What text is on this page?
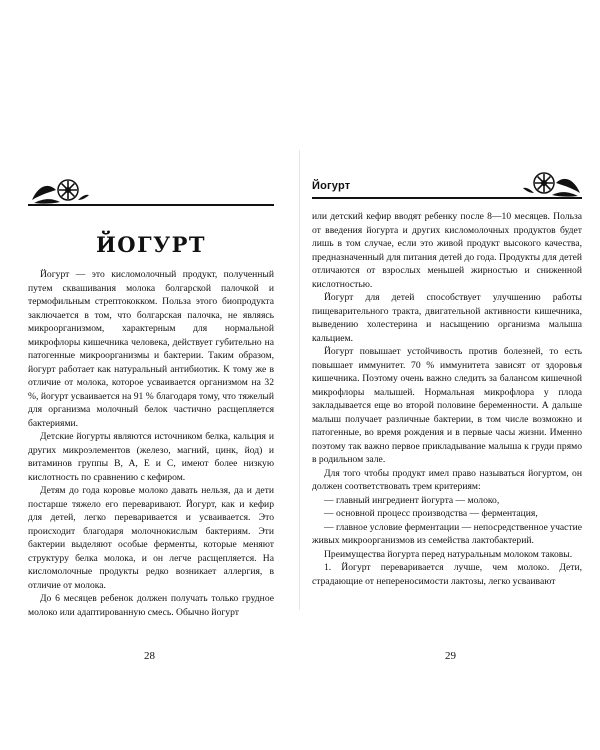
ЙОГУРТ

Йогурт — это кисломолочный продукт, полученный путем сквашивания молока болгарской палочкой и термофильным стрептококком. Пользa этого биопродукта заключается в том, что болгарская палочка, не являясь микроорганизмом, характерным для нормальной микрофлоры кишечника человека, действует губительно на патогенные микроорганизмы и бактерии. Таким образом, йогурт работает как натуральный антибиотик. К тому же в отличие от молока, которое усваивается организмом на 32 %, йогурт усваивается на 91 % благодаря тому, что тяжелый для организма молочный белок частично расщепляется бактериями.

Детские йогурты являются источником белка, кальция и других микроэлементов (железо, магний, цинк, йод) и витаминов группы B, A, E и C, имеют более низкую кислотность по сравнению с кефиром.

Детям до года коровье молоко давать нельзя, да и дети постарше тяжело его переваривают. Йогурт, как и кефир для детей, легко переваривается и усваивается. Это происходит благодаря молочнокислым бактериям. Эти бактерии выделяют особые ферменты, которые меняют структуру белка молока, и он легче расщепляется. На кисломолочные продукты редко возникает аллергия, в отличие от молока.

До 6 месяцев ребенок должен получать только грудное молоко или адаптированную смесь. Обычно йогурт

28
Йогурт

или детский кефир вводят ребенку после 8—10 месяцев. Польза от введения йогурта и других кисломолочных продуктов будет лишь в том случае, если это живой продукт высокого качества, предназначенный для питания детей до года. Продукты для детей отличаются от взрослых меньшей жирностью и сниженной кислотностью.

Йогурт для детей способствует улучшению работы пищеварительного тракта, двигательной активности кишечника, выведению холестерина и насыщению организма малыша кальцием.

Йогурт повышает устойчивость против болезней, то есть повышает иммунитет. 70 % иммунитета зависят от здоровья кишечника. Поэтому очень важно следить за балансом кишечной микрофлоры малышей. Нормальная микрофлора у плода закладывается еще во второй половине беременности. А дальше малыш получает различные бактерии, в том числе возможно и патогенные, во время рождения и в первые часы жизни. Именно поэтому так важно первое прикладывание малыша к груди прямо в родильном зале.

Для того чтобы продукт имел право называться йогуртом, он должен соответствовать трем критериям:

— главный ингредиент йогурта — молоко,

— основной процесс производства — ферментация,

— главное условие ферментации — непосредственное участие живых микроорганизмов из семейства лактобактерий.

Преимущества йогурта перед натуральным молоком таковы.

1. Йогурт переваривается лучше, чем молоко. Дети, страдающие от непереносимости лактозы, легко усваивают

29
